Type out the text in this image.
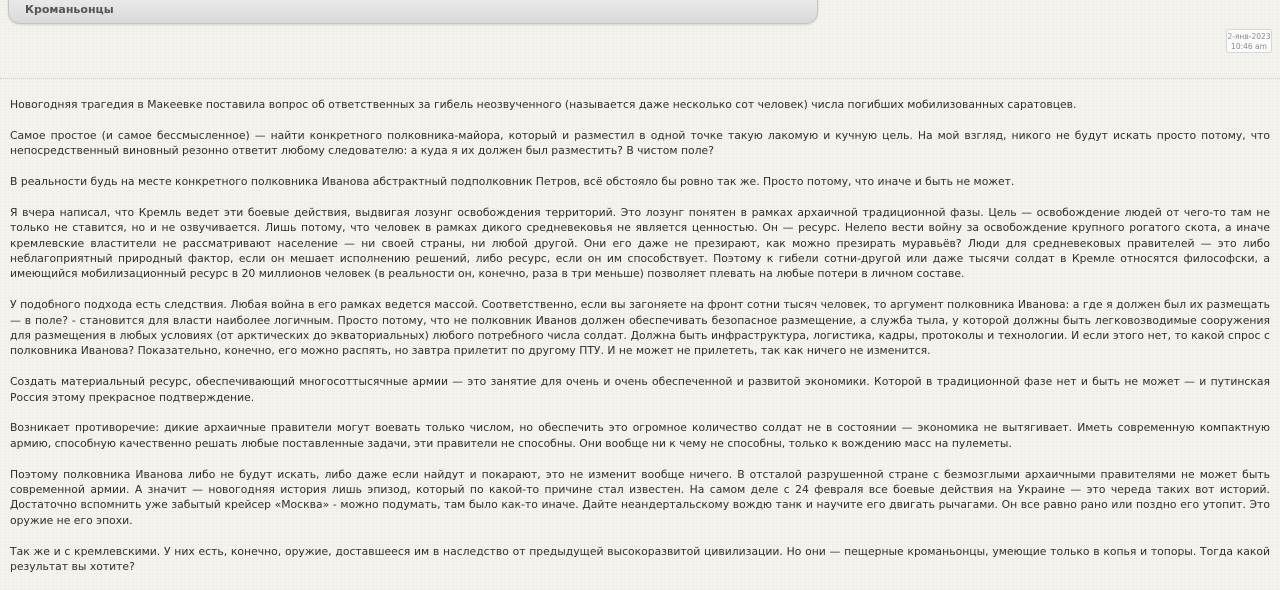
Кроманьонцы
2-янв-2023
10:46 am

Новогодняя трагедия в Макеевке поставила вопрос об ответственных за гибель неозвученного (называется даже несколько сот человек) числа погибших мобилизованных саратовцев.

Самое простое (и самое бессмысленное) — найти конкретного полковника-майора, который и разместил в одной точке такую лакомую и кучную цель. На мой взгляд, никого не будут искать просто потому, что непосредственный виновный резонно ответит любому следователю: а куда я их должен был разместить? В чистом поле?

В реальности будь на месте конкретного полковника Иванова абстрактный подполковник Петров, всё обстояло бы ровно так же. Просто потому, что иначе и быть не может.

Я вчера написал, что Кремль ведет эти боевые действия, выдвигая лозунг освобождения территорий. Это лозунг понятен в рамках архаичной традиционной фазы. Цель — освобождение людей от чего-то там не только не ставится, но и не озвучивается. Лишь потому, что человек в рамках дикого средневековья не является ценностью. Он — ресурс. Нелепо вести войну за освобождение крупного рогатого скота, а иначе кремлевские властители не рассматривают население — ни своей страны, ни любой другой. Они его даже не презирают, как можно презирать муравьёв? Люди для средневековых правителей — это либо неблагоприятный природный фактор, если он мешает исполнению решений, либо ресурс, если он им способствует. Поэтому к гибели сотни-другой или даже тысячи солдат в Кремле относятся философски, а имеющийся мобилизационный ресурс в 20 миллионов человек (в реальности он, конечно, раза в три меньше) позволяет плевать на любые потери в личном составе.

У подобного подхода есть следствия. Любая война в его рамках ведется массой. Соответственно, если вы загоняете на фронт сотни тысяч человек, то аргумент полковника Иванова: а где я должен был их размещать — в поле? - становится для власти наиболее логичным. Просто потому, что не полковник Иванов должен обеспечивать безопасное размещение, а служба тыла, у которой должны быть легковозводимые сооружения для размещения в любых условиях (от арктических до экваториальных) любого потребного числа солдат. Должна быть инфраструктура, логистика, кадры, протоколы и технологии. И если этого нет, то какой спрос с полковника Иванова? Показательно, конечно, его можно распять, но завтра прилетит по другому ПТУ. И не может не прилететь, так как ничего не изменится.

Создать материальный ресурс, обеспечивающий многосоттысячные армии — это занятие для очень и очень обеспеченной и развитой экономики. Которой в традиционной фазе нет и быть не может — и путинская Россия этому прекрасное подтверждение.

Возникает противоречие: дикие архаичные правители могут воевать только числом, но обеспечить это огромное количество солдат не в состоянии — экономика не вытягивает. Иметь современную компактную армию, способную качественно решать любые поставленные задачи, эти правители не способны. Они вообще ни к чему не способны, только к вождению масс на пулеметы.

Поэтому полковника Иванова либо не будут искать, либо даже если найдут и покарают, это не изменит вообще ничего. В отсталой разрушенной стране с безмозглыми архаичными правителями не может быть современной армии. А значит — новогодняя история лишь эпизод, который по какой-то причине стал известен. На самом деле с 24 февраля все боевые действия на Украине — это череда таких вот историй. Достаточно вспомнить уже забытый крейсер «Москва» - можно подумать, там было как-то иначе. Дайте неандертальскому вождю танк и научите его двигать рычагами. Он все равно рано или поздно его утопит. Это оружие не его эпохи.

Так же и с кремлевскими. У них есть, конечно, оружие, доставшееся им в наследство от предыдущей высокоразвитой цивилизации. Но они — пещерные кроманьонцы, умеющие только в копья и топоры. Тогда какой результат вы хотите?
